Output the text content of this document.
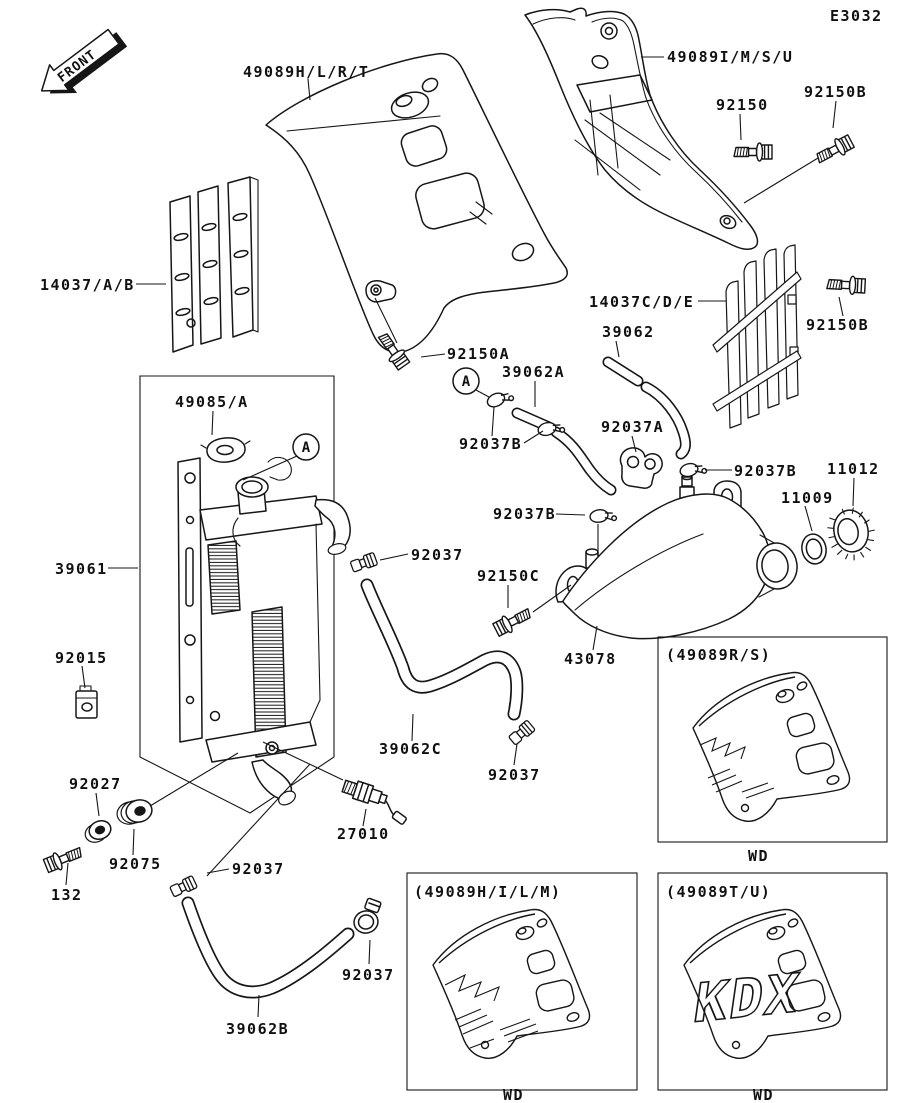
FRONT
A
A
(49089R/S)
WD
(49089H/I/L/M)
WD
(49089T/U)
KDX
WD
E3032
49089H/L/R/T
49089I/M/S/U
92150
92150B
14037/A/B
14037C/D/E
39062	92150B
92150A
39062A
92037B
92037A
92037B 11012
11009
49085/A
92037B
92037
92150C
39061
43078
92015
39062C
92037
92027
27010
92075	92037
132
92037
39062B
